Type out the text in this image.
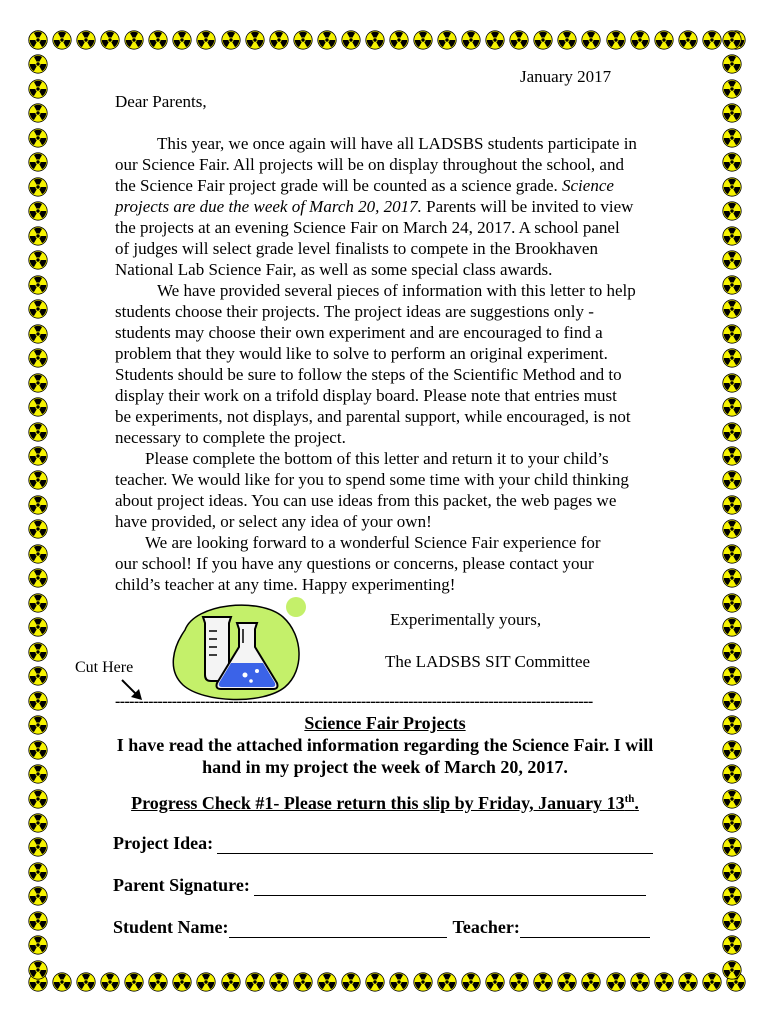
January 2017
Dear Parents,

This year, we once again will have all LADSBS students participate in

our Science Fair. All projects will be on display throughout the school, and

the Science Fair project grade will be counted as a science grade. Science

projects are due the week of March 20, 2017. Parents will be invited to view

the projects at an evening Science Fair on March 24, 2017. A school panel

of judges will select grade level finalists to compete in the Brookhaven

National Lab Science Fair, as well as some special class awards.

We have provided several pieces of information with this letter to help

students choose their projects. The project ideas are suggestions only -

students may choose their own experiment and are encouraged to find a

problem that they would like to solve to perform an original experiment.

Students should be sure to follow the steps of the Scientific Method and to

display their work on a trifold display board. Please note that entries must

be experiments, not displays, and parental support, while encouraged, is not

necessary to complete the project.

Please complete the bottom of this letter and return it to your child’s

teacher. We would like for you to spend some time with your child thinking

about project ideas. You can use ideas from this packet, the web pages we

have provided, or select any idea of your own!

We are looking forward to a wonderful Science Fair experience for

our school! If you have any questions or concerns, please contact your

child’s teacher at any time. Happy experimenting!

Experimentally yours,
The LADSBS SIT Committee
Cut Here
-----------------------------------------------------------------------------------------------------
Science Fair Projects
I have read the attached information regarding the Science Fair. I will
hand in my project the week of March 20, 2017.
Progress Check #1- Please return this slip by Friday, January 13th.
Project Idea:
Parent Signature:
Student Name:	Teacher:
